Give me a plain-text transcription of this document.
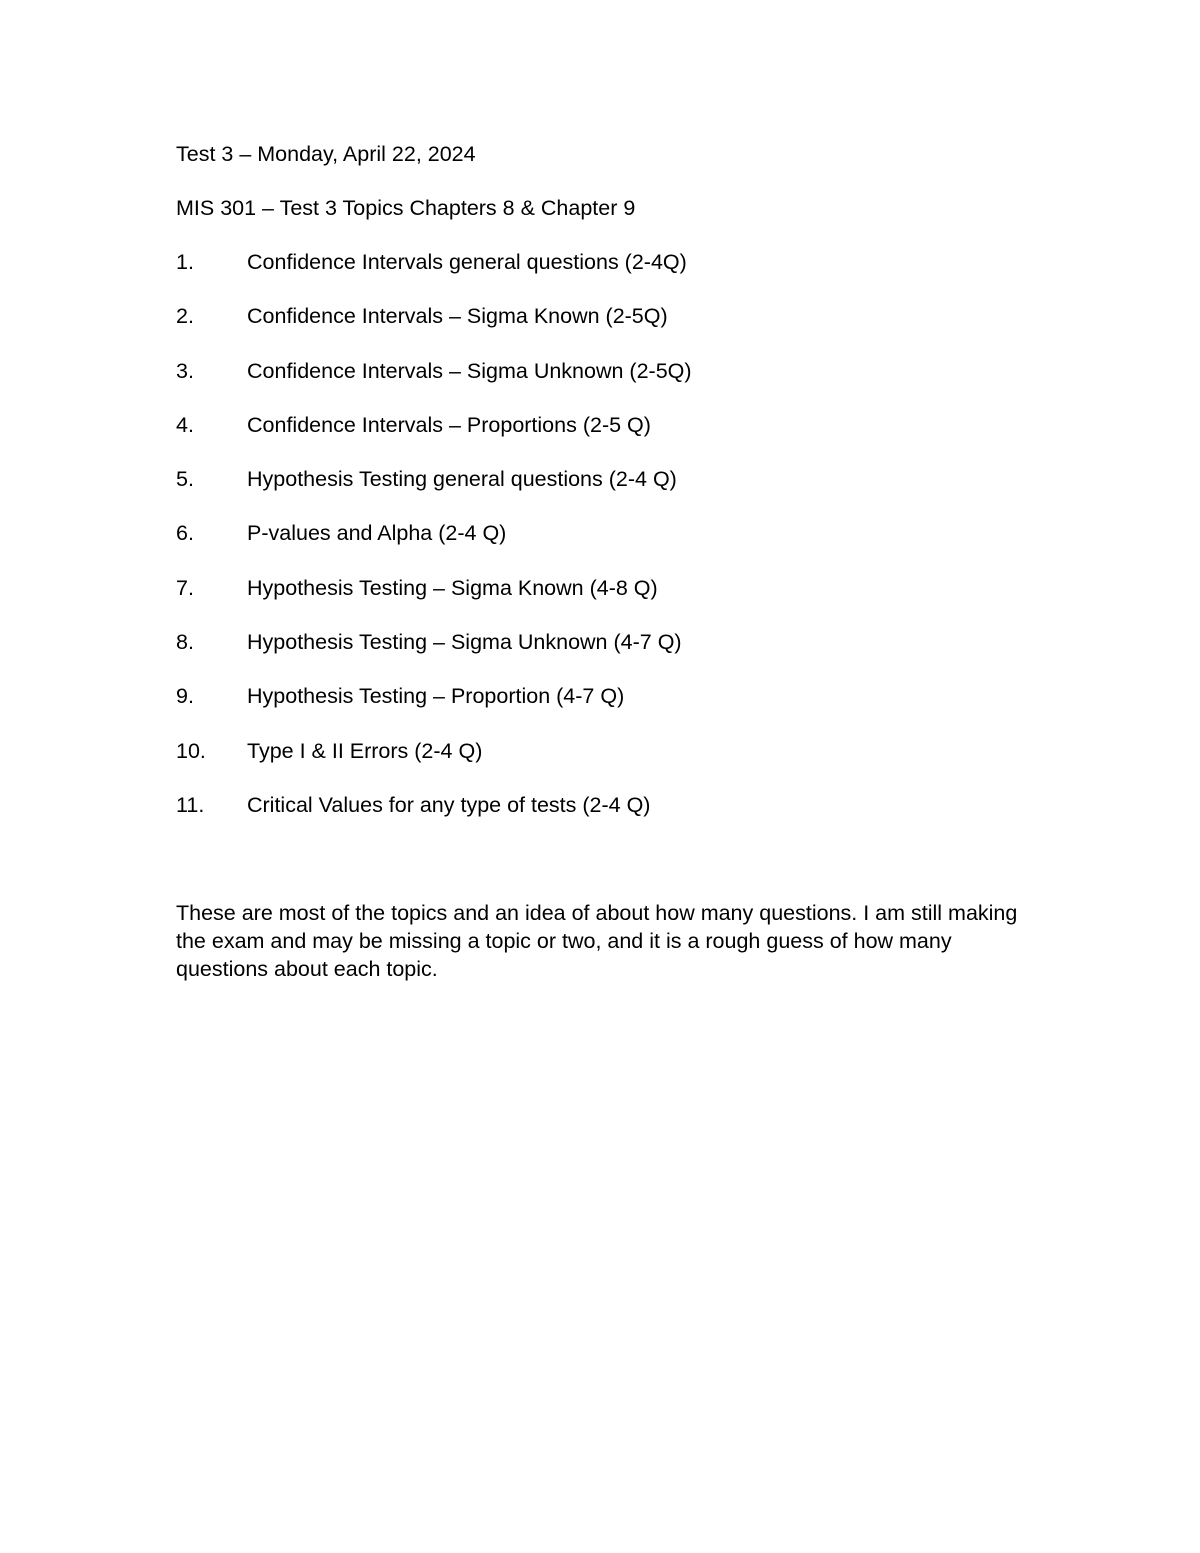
Test 3 – Monday, April 22, 2024

MIS 301 – Test 3 Topics Chapters 8 & Chapter 9

1.	Confidence Intervals general questions (2-4Q)
2.	Confidence Intervals – Sigma Known (2-5Q)
3.	Confidence Intervals – Sigma Unknown (2-5Q)
4.	Confidence Intervals – Proportions (2-5 Q)
5.	Hypothesis Testing general questions (2-4 Q)
6.	P-values and Alpha (2-4 Q)
7.	Hypothesis Testing – Sigma Known (4-8 Q)
8.	Hypothesis Testing – Sigma Unknown (4-7 Q)
9.	Hypothesis Testing – Proportion (4-7 Q)
10.	Type I & II Errors (2-4 Q)
11.	Critical Values for any type of tests (2-4 Q)

These are most of the topics and an idea of about how many questions. I am still making the exam and may be missing a topic or two, and it is a rough guess of how many questions about each topic.
